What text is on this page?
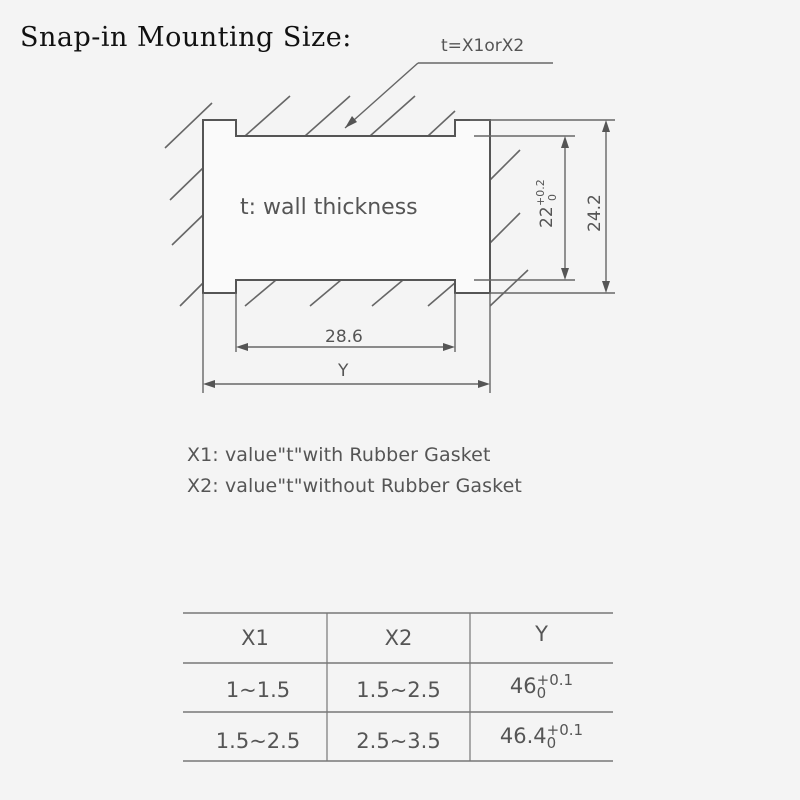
Snap-in Mounting Size:	t=X1orX2
22
+0.2 0 24.2
28.6
Y
t: wall thickness
X1: value"t"with Rubber Gasket
X2: value"t"without Rubber Gasket
X1	X2	Y
1~1.5	1.5~2.5	46+0.1
0
1.5~2.5	2.5~3.5	46.4+0.1
0
